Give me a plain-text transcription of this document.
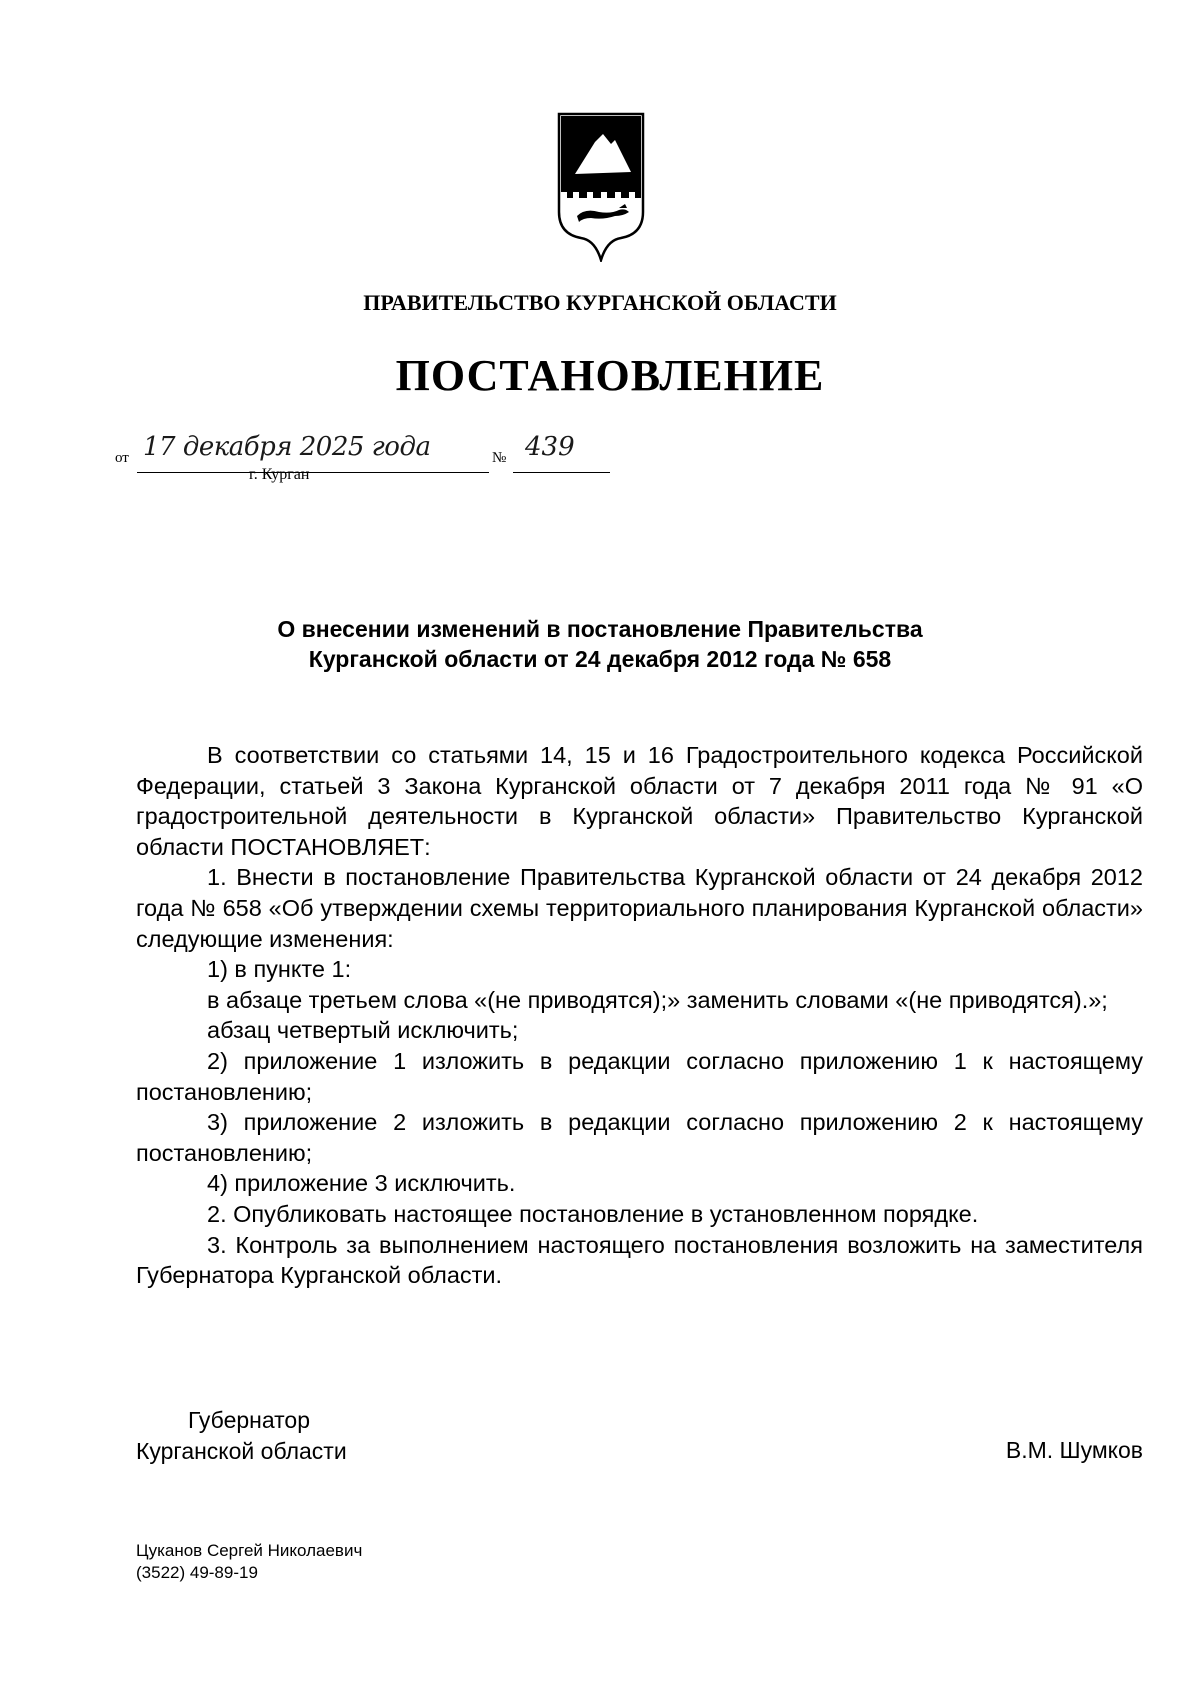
ПРАВИТЕЛЬСТВО КУРГАНСКОЙ ОБЛАСТИ
ПОСТАНОВЛЕНИЕ
от 17 декабря 2025 года	№ 439
г. Курган
О внесении изменений в постановление Правительства
Курганской области от 24 декабря 2012 года № 658

В соответствии со статьями 14, 15 и 16 Градостроительного кодекса Российской Федерации, статьей 3 Закона Курганской области от 7 декабря 2011 года № 91 «О градостроительной деятельности в Курганской области» Правительство Курганской области ПОСТАНОВЛЯЕТ:

1. Внести в постановление Правительства Курганской области от 24 декабря 2012 года № 658 «Об утверждении схемы территориального планирования Курганской области» следующие изменения:

1) в пункте 1:

в абзаце третьем слова «(не приводятся);» заменить словами «(не приводятся).»;

абзац четвертый исключить;

2) приложение 1 изложить в редакции согласно приложению 1 к настоящему постановлению;

3) приложение 2 изложить в редакции согласно приложению 2 к настоящему постановлению;

4) приложение 3 исключить.

2. Опубликовать настоящее постановление в установленном порядке.

3. Контроль за выполнением настоящего постановления возложить на заместителя Губернатора Курганской области.

Губернатор
Курганской области	В.М. Шумков
Цуканов Сергей Николаевич
(3522) 49-89-19
